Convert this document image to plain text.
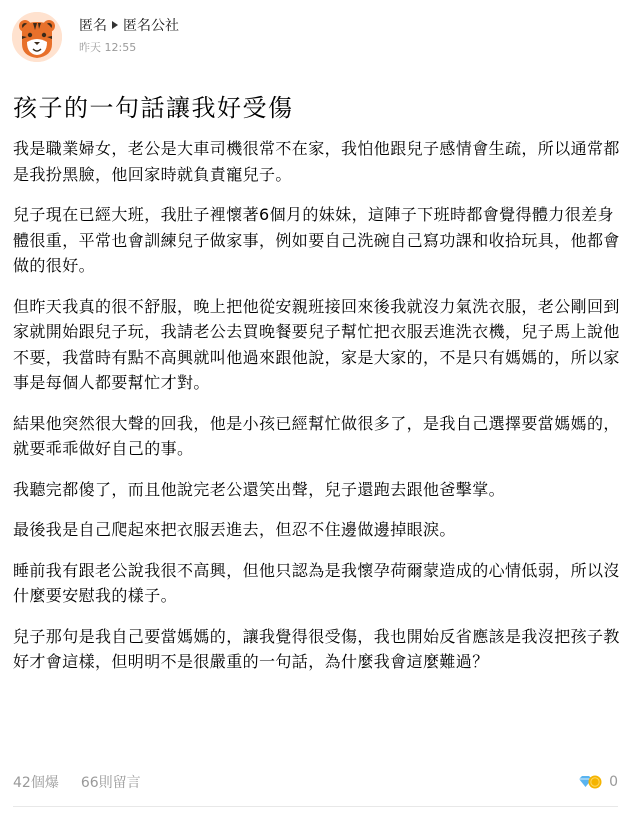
匿名 匿名公社
昨天 12:55
孩子的一句話讓我好受傷

我是職業婦女，老公是大車司機很常不在家，我怕他跟兒子感情會生疏，所以通常都是我扮黑臉，他回家時就負責寵兒子。

兒子現在已經大班，我肚子裡懷著6個月的妹妹，這陣子下班時都會覺得體力很差身體很重，平常也會訓練兒子做家事，例如要自己洗碗自己寫功課和收拾玩具，他都會做的很好。

但昨天我真的很不舒服，晚上把他從安親班接回來後我就沒力氣洗衣服，老公剛回到家就開始跟兒子玩，我請老公去買晚餐要兒子幫忙把衣服丟進洗衣機，兒子馬上說他不要，我當時有點不高興就叫他過來跟他說，家是大家的，不是只有媽媽的，所以家事是每個人都要幫忙才對。

結果他突然很大聲的回我，他是小孩已經幫忙做很多了，是我自己選擇要當媽媽的，就要乖乖做好自己的事。

我聽完都傻了，而且他說完老公還笑出聲，兒子還跑去跟他爸擊掌。

最後我是自己爬起來把衣服丟進去，但忍不住邊做邊掉眼淚。

睡前我有跟老公說我很不高興，但他只認為是我懷孕荷爾蒙造成的心情低弱，所以沒什麼要安慰我的樣子。

兒子那句是我自己要當媽媽的，讓我覺得很受傷，我也開始反省應該是我沒把孩子教好才會這樣，但明明不是很嚴重的一句話，為什麼我會這麼難過？

42個爆 66則留言	0
